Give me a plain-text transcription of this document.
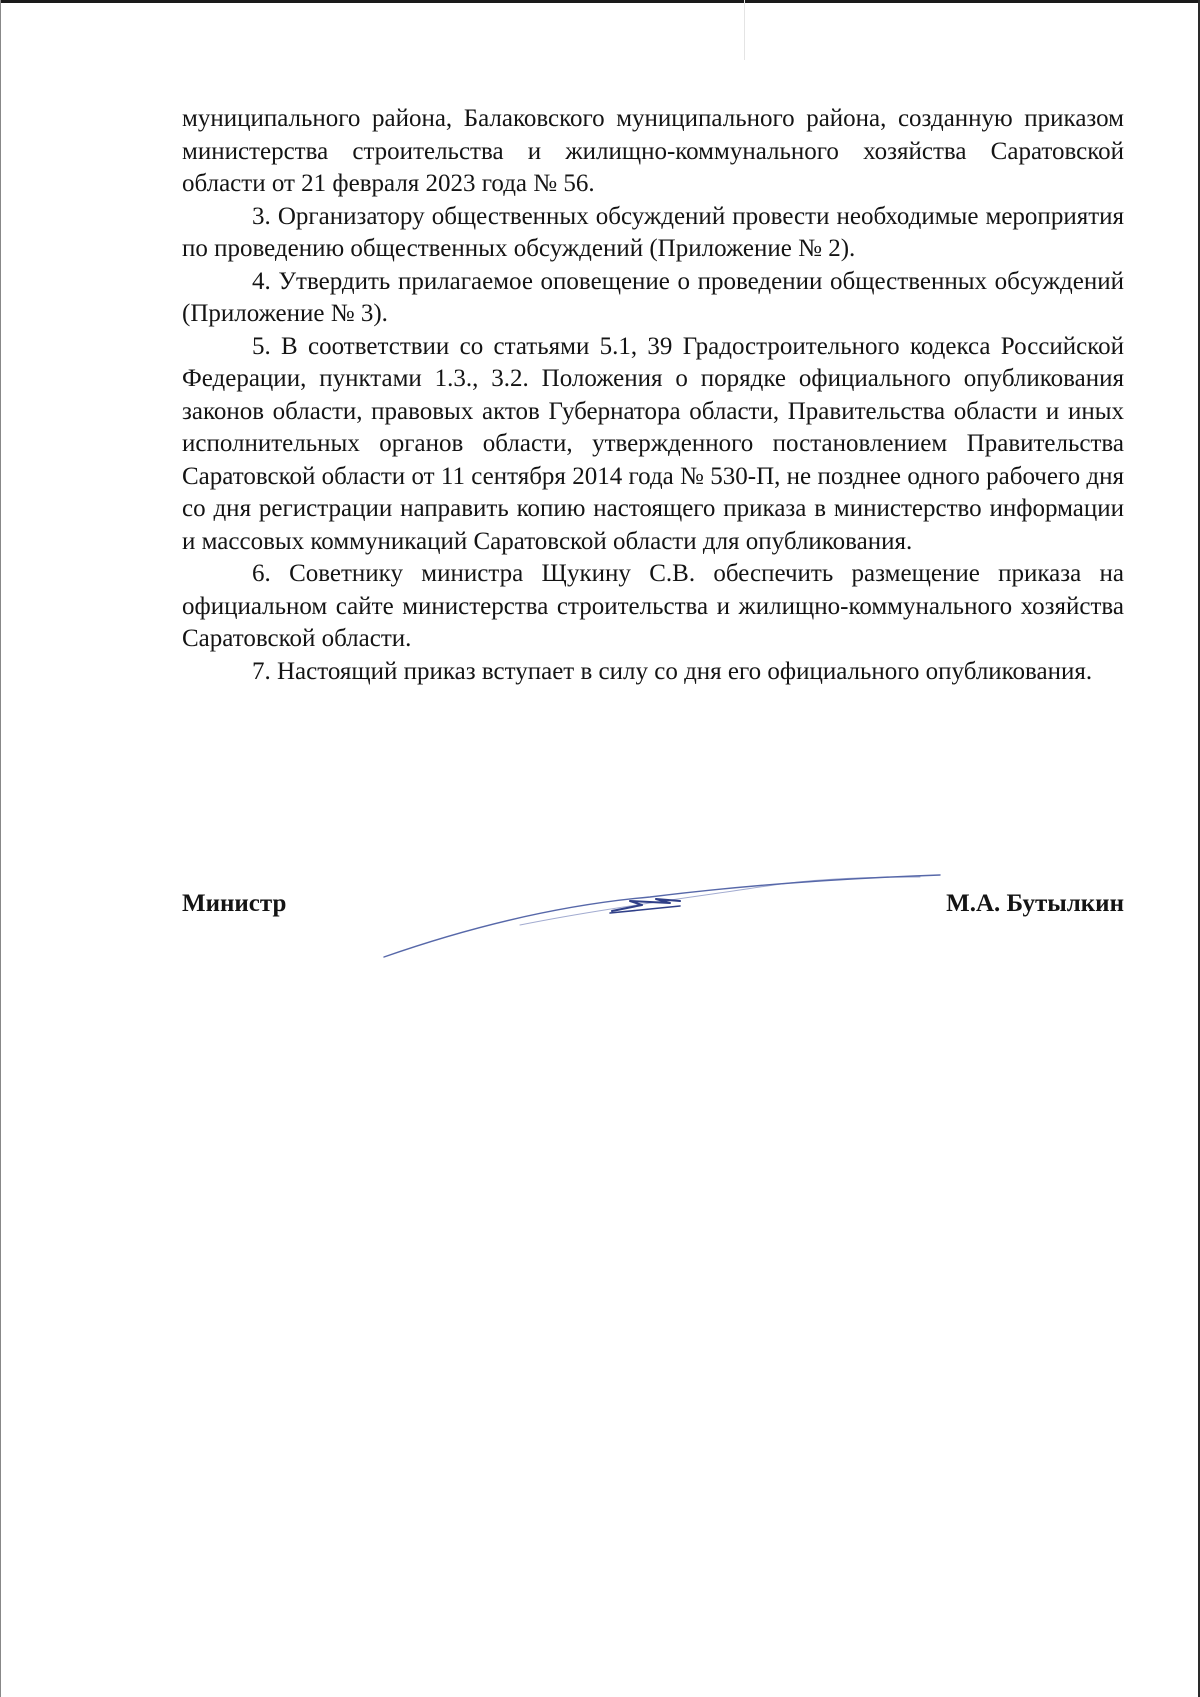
муниципального района, Балаковского муниципального района, созданную приказом министерства строительства и жилищно-коммунального хозяйства Саратовской области от 21 февраля 2023 года № 56.

3. Организатору общественных обсуждений провести необходимые мероприятия по проведению общественных обсуждений (Приложение № 2).

4. Утвердить прилагаемое оповещение о проведении общественных обсуждений (Приложение № 3).

5. В соответствии со статьями 5.1, 39 Градостроительного кодекса Российской Федерации, пунктами 1.3., 3.2. Положения о порядке официального опубликования законов области, правовых актов Губернатора области, Правительства области и иных исполнительных органов области, утвержденного постановлением Правительства Саратовской области от 11 сентября 2014 года № 530-П, не позднее одного рабочего дня со дня регистрации направить копию настоящего приказа в министерство информации и массовых коммуникаций Саратовской области для опубликования.

6. Советнику министра Щукину С.В. обеспечить размещение приказа на официальном сайте министерства строительства и жилищно-коммунального хозяйства Саратовской области.

7. Настоящий приказ вступает в силу со дня его официального опубликования.

Министр	М.А. Бутылкин
